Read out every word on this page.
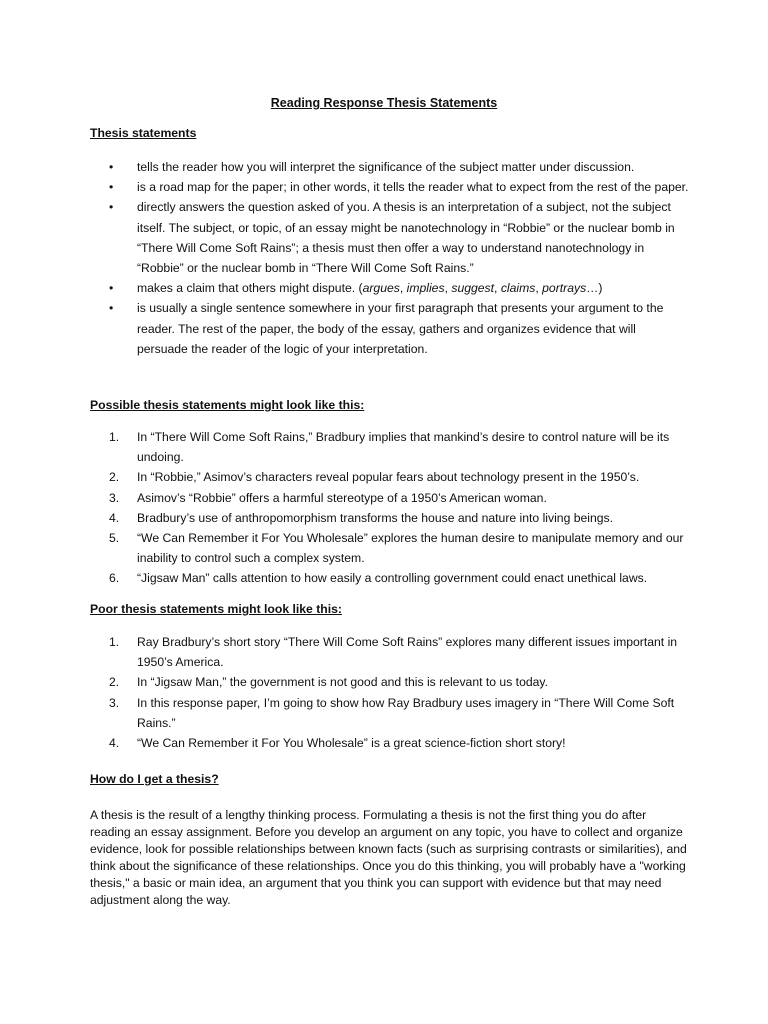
Reading Response Thesis Statements
Thesis statements
• tells the reader how you will interpret the significance of the subject matter under discussion.
• is a road map for the paper; in other words, it tells the reader what to expect from the rest of the paper.
• directly answers the question asked of you. A thesis is an interpretation of a subject, not the subject itself. The subject, or topic, of an essay might be nanotechnology in “Robbie” or the nuclear bomb in “There Will Come Soft Rains”; a thesis must then offer a way to understand nanotechnology in “Robbie” or the nuclear bomb in “There Will Come Soft Rains.”
• makes a claim that others might dispute. (argues, implies, suggest, claims, portrays…)
• is usually a single sentence somewhere in your first paragraph that presents your argument to the reader. The rest of the paper, the body of the essay, gathers and organizes evidence that will persuade the reader of the logic of your interpretation.
Possible thesis statements might look like this:
1. In “There Will Come Soft Rains,” Bradbury implies that mankind’s desire to control nature will be its undoing.
2. In “Robbie,” Asimov’s characters reveal popular fears about technology present in the 1950’s.
3. Asimov’s “Robbie” offers a harmful stereotype of a 1950’s American woman.
4. Bradbury’s use of anthropomorphism transforms the house and nature into living beings.
5. “We Can Remember it For You Wholesale” explores the human desire to manipulate memory and our inability to control such a complex system.
6. “Jigsaw Man” calls attention to how easily a controlling government could enact unethical laws.
Poor thesis statements might look like this:
1. Ray Bradbury’s short story “There Will Come Soft Rains” explores many different issues important in 1950’s America.
2. In “Jigsaw Man,” the government is not good and this is relevant to us today.
3. In this response paper, I’m going to show how Ray Bradbury uses imagery in “There Will Come Soft Rains.”
4. “We Can Remember it For You Wholesale” is a great science-fiction short story!
How do I get a thesis?

A thesis is the result of a lengthy thinking process. Formulating a thesis is not the first thing you do after reading an essay assignment. Before you develop an argument on any topic, you have to collect and organize evidence, look for possible relationships between known facts (such as surprising contrasts or similarities), and think about the significance of these relationships. Once you do this thinking, you will probably have a "working thesis," a basic or main idea, an argument that you think you can support with evidence but that may need adjustment along the way.
